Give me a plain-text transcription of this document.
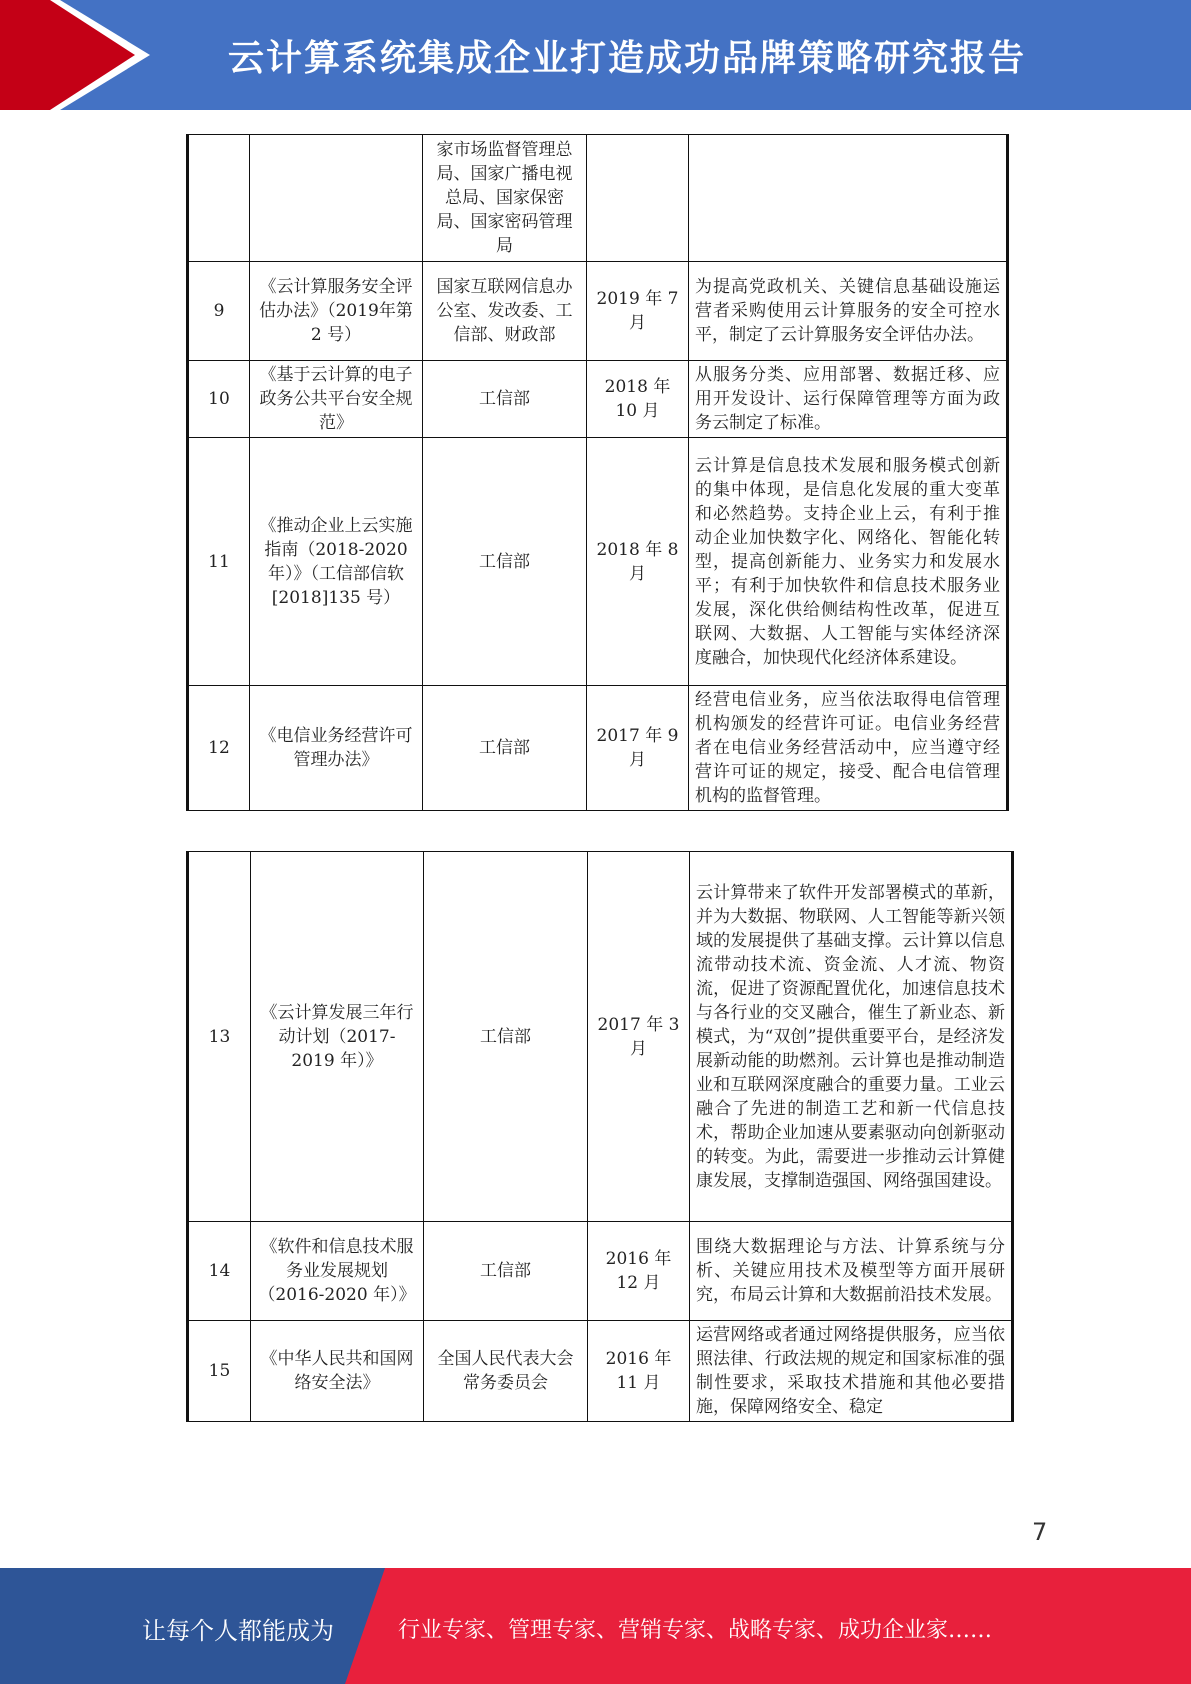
云计算系统集成企业打造成功品牌策略研究报告
		家市场监督管理总局、国家广播电视总局、国家保密局、国家密码管理局		
9	《云计算服务安全评估办法》（2019年第 2 号）	国家互联网信息办公室、发改委、工信部、财政部	2019 年 7 月	为提高党政机关、关键信息基础设施运营者采购使用云计算服务的安全可控水平，制定了云计算服务安全评估办法。
10	《基于云计算的电子政务公共平台安全规范》	工信部	2018 年 10 月	从服务分类、应用部署、数据迁移、应用开发设计、运行保障管理等方面为政务云制定了标准。
11	《推动企业上云实施指南（2018-2020 年）》（工信部信软[2018]135 号）	工信部	2018 年 8 月	云计算是信息技术发展和服务模式创新的集中体现，是信息化发展的重大变革和必然趋势。支持企业上云，有利于推动企业加快数字化、网络化、智能化转型，提高创新能力、业务实力和发展水平；有利于加快软件和信息技术服务业发展，深化供给侧结构性改革，促进互联网、大数据、人工智能与实体经济深度融合，加快现代化经济体系建设。
12	《电信业务经营许可管理办法》	工信部	2017 年 9 月	经营电信业务，应当依法取得电信管理机构颁发的经营许可证。电信业务经营者在电信业务经营活动中，应当遵守经营许可证的规定，接受、配合电信管理机构的监督管理。
13	《云计算发展三年行动计划（2017-2019 年）》	工信部	2017 年 3 月	云计算带来了软件开发部署模式的革新，并为大数据、物联网、人工智能等新兴领域的发展提供了基础支撑。云计算以信息流带动技术流、资金流、人才流、物资流，促进了资源配置优化，加速信息技术与各行业的交叉融合，催生了新业态、新模式，为“双创”提供重要平台，是经济发展新动能的助燃剂。云计算也是推动制造业和互联网深度融合的重要力量。工业云融合了先进的制造工艺和新一代信息技术，帮助企业加速从要素驱动向创新驱动的转变。为此，需要进一步推动云计算健康发展，支撑制造强国、网络强国建设。
14	《软件和信息技术服务业发展规划（2016-2020 年）》	工信部	2016 年 12 月	围绕大数据理论与方法、计算系统与分析、关键应用技术及模型等方面开展研究，布局云计算和大数据前沿技术发展。
15	《中华人民共和国网络安全法》	全国人民代表大会常务委员会	2016 年 11 月	运营网络或者通过网络提供服务，应当依照法律、行政法规的规定和国家标准的强制性要求，采取技术措施和其他必要措施，保障网络安全、稳定
7
让每个人都能成为	行业专家、管理专家、营销专家、战略专家、成功企业家……
